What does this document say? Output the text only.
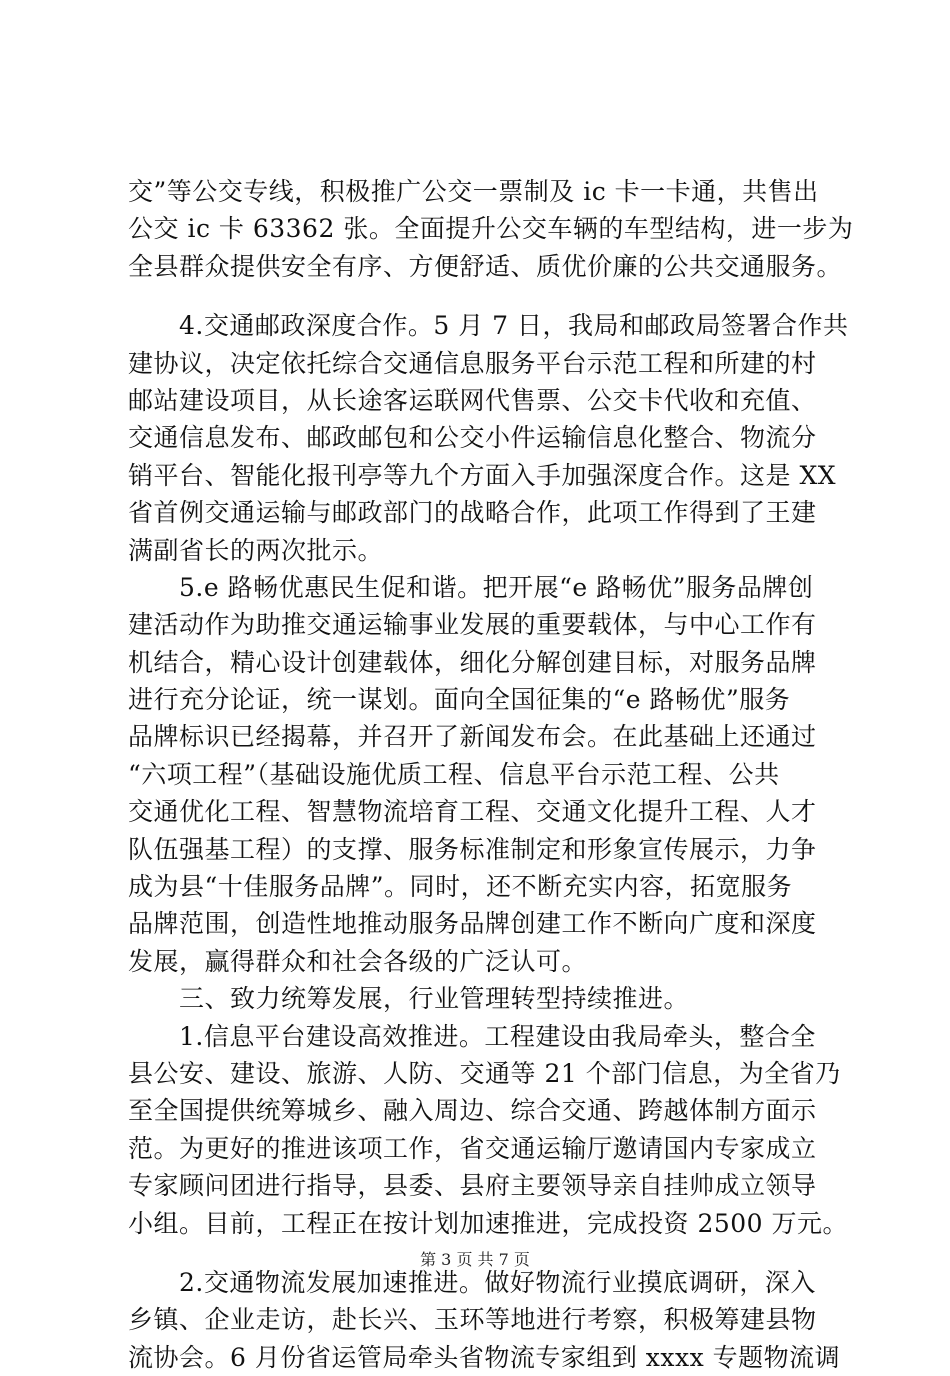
交”等公交专线，积极推广公交一票制及 ic 卡一卡通，共售出
公交 ic 卡 63362 张。全面提升公交车辆的车型结构，进一步为
全县群众提供安全有序、方便舒适、质优价廉的公共交通服务。
　　4.交通邮政深度合作。5 月 7 日，我局和邮政局签署合作共
建协议，决定依托综合交通信息服务平台示范工程和所建的村
邮站建设项目，从长途客运联网代售票、公交卡代收和充值、
交通信息发布、邮政邮包和公交小件运输信息化整合、物流分
销平台、智能化报刊亭等九个方面入手加强深度合作。这是 XX
省首例交通运输与邮政部门的战略合作，此项工作得到了王建
满副省长的两次批示。
　　5.e 路畅优惠民生促和谐。把开展“e 路畅优”服务品牌创
建活动作为助推交通运输事业发展的重要载体，与中心工作有
机结合，精心设计创建载体，细化分解创建目标，对服务品牌
进行充分论证，统一谋划。面向全国征集的“e 路畅优”服务
品牌标识已经揭幕，并召开了新闻发布会。在此基础上还通过
“六项工程”（基础设施优质工程、信息平台示范工程、公共
交通优化工程、智慧物流培育工程、交通文化提升工程、人才
队伍强基工程）的支撑、服务标准制定和形象宣传展示，力争
成为县“十佳服务品牌”。同时，还不断充实内容，拓宽服务
品牌范围，创造性地推动服务品牌创建工作不断向广度和深度
发展，赢得群众和社会各级的广泛认可。
　　三、致力统筹发展，行业管理转型持续推进。
　　1.信息平台建设高效推进。工程建设由我局牵头，整合全
县公安、建设、旅游、人防、交通等 21 个部门信息，为全省乃
至全国提供统筹城乡、融入周边、综合交通、跨越体制方面示
范。为更好的推进该项工作，省交通运输厅邀请国内专家成立
专家顾问团进行指导，县委、县府主要领导亲自挂帅成立领导
小组。目前，工程正在按计划加速推进，完成投资 2500 万元。
　　2.交通物流发展加速推进。做好物流行业摸底调研，深入
乡镇、企业走访，赴长兴、玉环等地进行考察，积极筹建县物
流协会。6 月份省运管局牵头省物流专家组到 xxxx 专题物流调
第 3 页 共 7 页
